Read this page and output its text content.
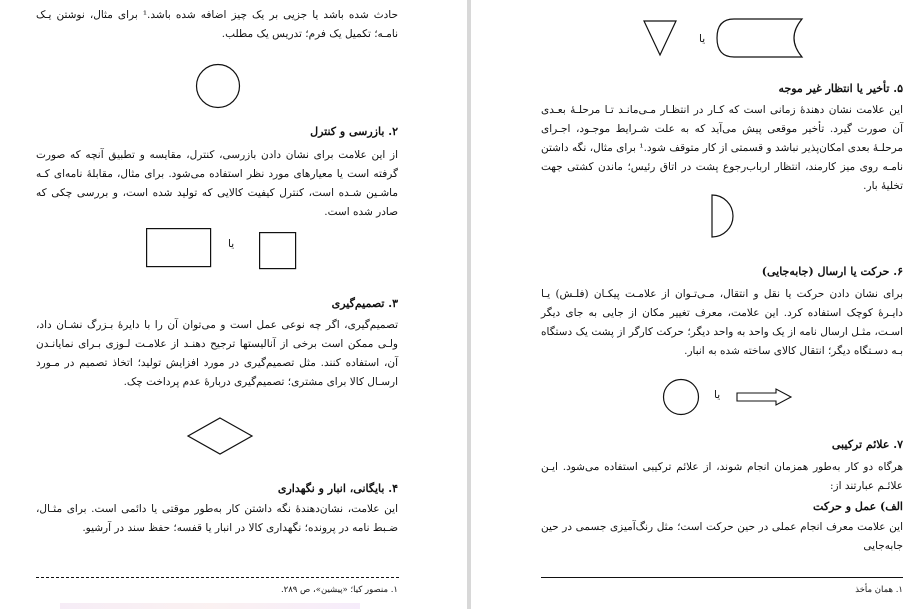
حادث شده باشد یا جزیی بر یک چیز اضافه شده باشد.¹ برای مثال، نوشتن یـک نامـه؛ تکمیل یک فرم؛ تدریس یک مطلب.
۲. بازرسی و کنترل
از این علامت برای نشان دادن بازرسی، کنترل، مقایسه و تطبیق آنچه که صورت گرفته است یا معیارهای مورد نظر استفاده می‌شود. برای مثال، مقابلهٔ نامه‌ای کـه ماشـین شـده است، کنترل کیفیت کالایی که تولید شده است، و بررسی چکی که صادر شده است.
یا
۳. تصمیم‌گیری
تصمیم‌گیری، اگر چه نوعی عمل است و می‌توان آن را با دایرهٔ بـزرگ نشـان داد، ولـی ممکن است برخی از آنالیستها ترجیح دهنـد از علامـت لـوزی بـرای نمایانـدن آن، استفاده کنند. مثل تصمیم‌گیری در مورد افزایش تولید؛ اتخاذ تصمیم در مـورد ارسـال کالا برای مشتری؛ تصمیم‌گیری دربارهٔ عدم پرداخت چک.
۴. بایگانی، انبار و نگهداری
این علامت، نشان‌دهندهٔ نگه داشتن کار به‌طور موقتی یا دائمی است. برای مثـال، ضـبط نامه در پرونده؛ نگهداری کالا در انبار یا قفسه؛ حفظ سند در آرشیو.
۱. منصور کیا؛ «پیشین»، ص ۲۸۹.
یا
۵. تأخیر یا انتظار غیر موجه
این علامت نشان دهندهٔ زمانی است که کـار در انتظـار مـی‌مانـد تـا مرحلـهٔ بعـدی آن صورت گیرد. تأخیر موقعی پیش می‌آید که به علت شـرایط موجـود، اجـرای مرحلـهٔ بعدی امکان‌پذیر نباشد و قسمتی از کار متوقف شود.¹ برای مثال، نگه داشتن نامـه روی میز کارمند، انتظار ارباب‌رجوع پشت در اتاق رئیس؛ ماندن کشتی جهت تخلیهٔ بار.
۶. حرکت یا ارسال (جابه‌جایی)
برای نشان دادن حرکت یا نقل و انتقال، مـی‌تـوان از علامـت پیکـان (فلـش) یـا دایـرهٔ کوچک استفاده کرد. این علامت، معرف تغییر مکان از جایی به جای دیگر اسـت، مثـل ارسال نامه از یک واحد به واحد دیگر؛ حرکت کارگر از پشت یک دستگاه بـه دسـتگاه دیگر؛ انتقال کالای ساخته شده به انبار.
یا
۷. علائم ترکیبی
هرگاه دو کار به‌طور همزمان انجام شوند، از علائم ترکیبی استفاده می‌شود. ایـن علائـم عبارتند از:
الف) عمل و حرکت
این علامت معرف انجام عملی در حین حرکت است؛ مثل رنگ‌آمیزی جسمی در حین جابه‌جایی
۱. همان مأخذ
